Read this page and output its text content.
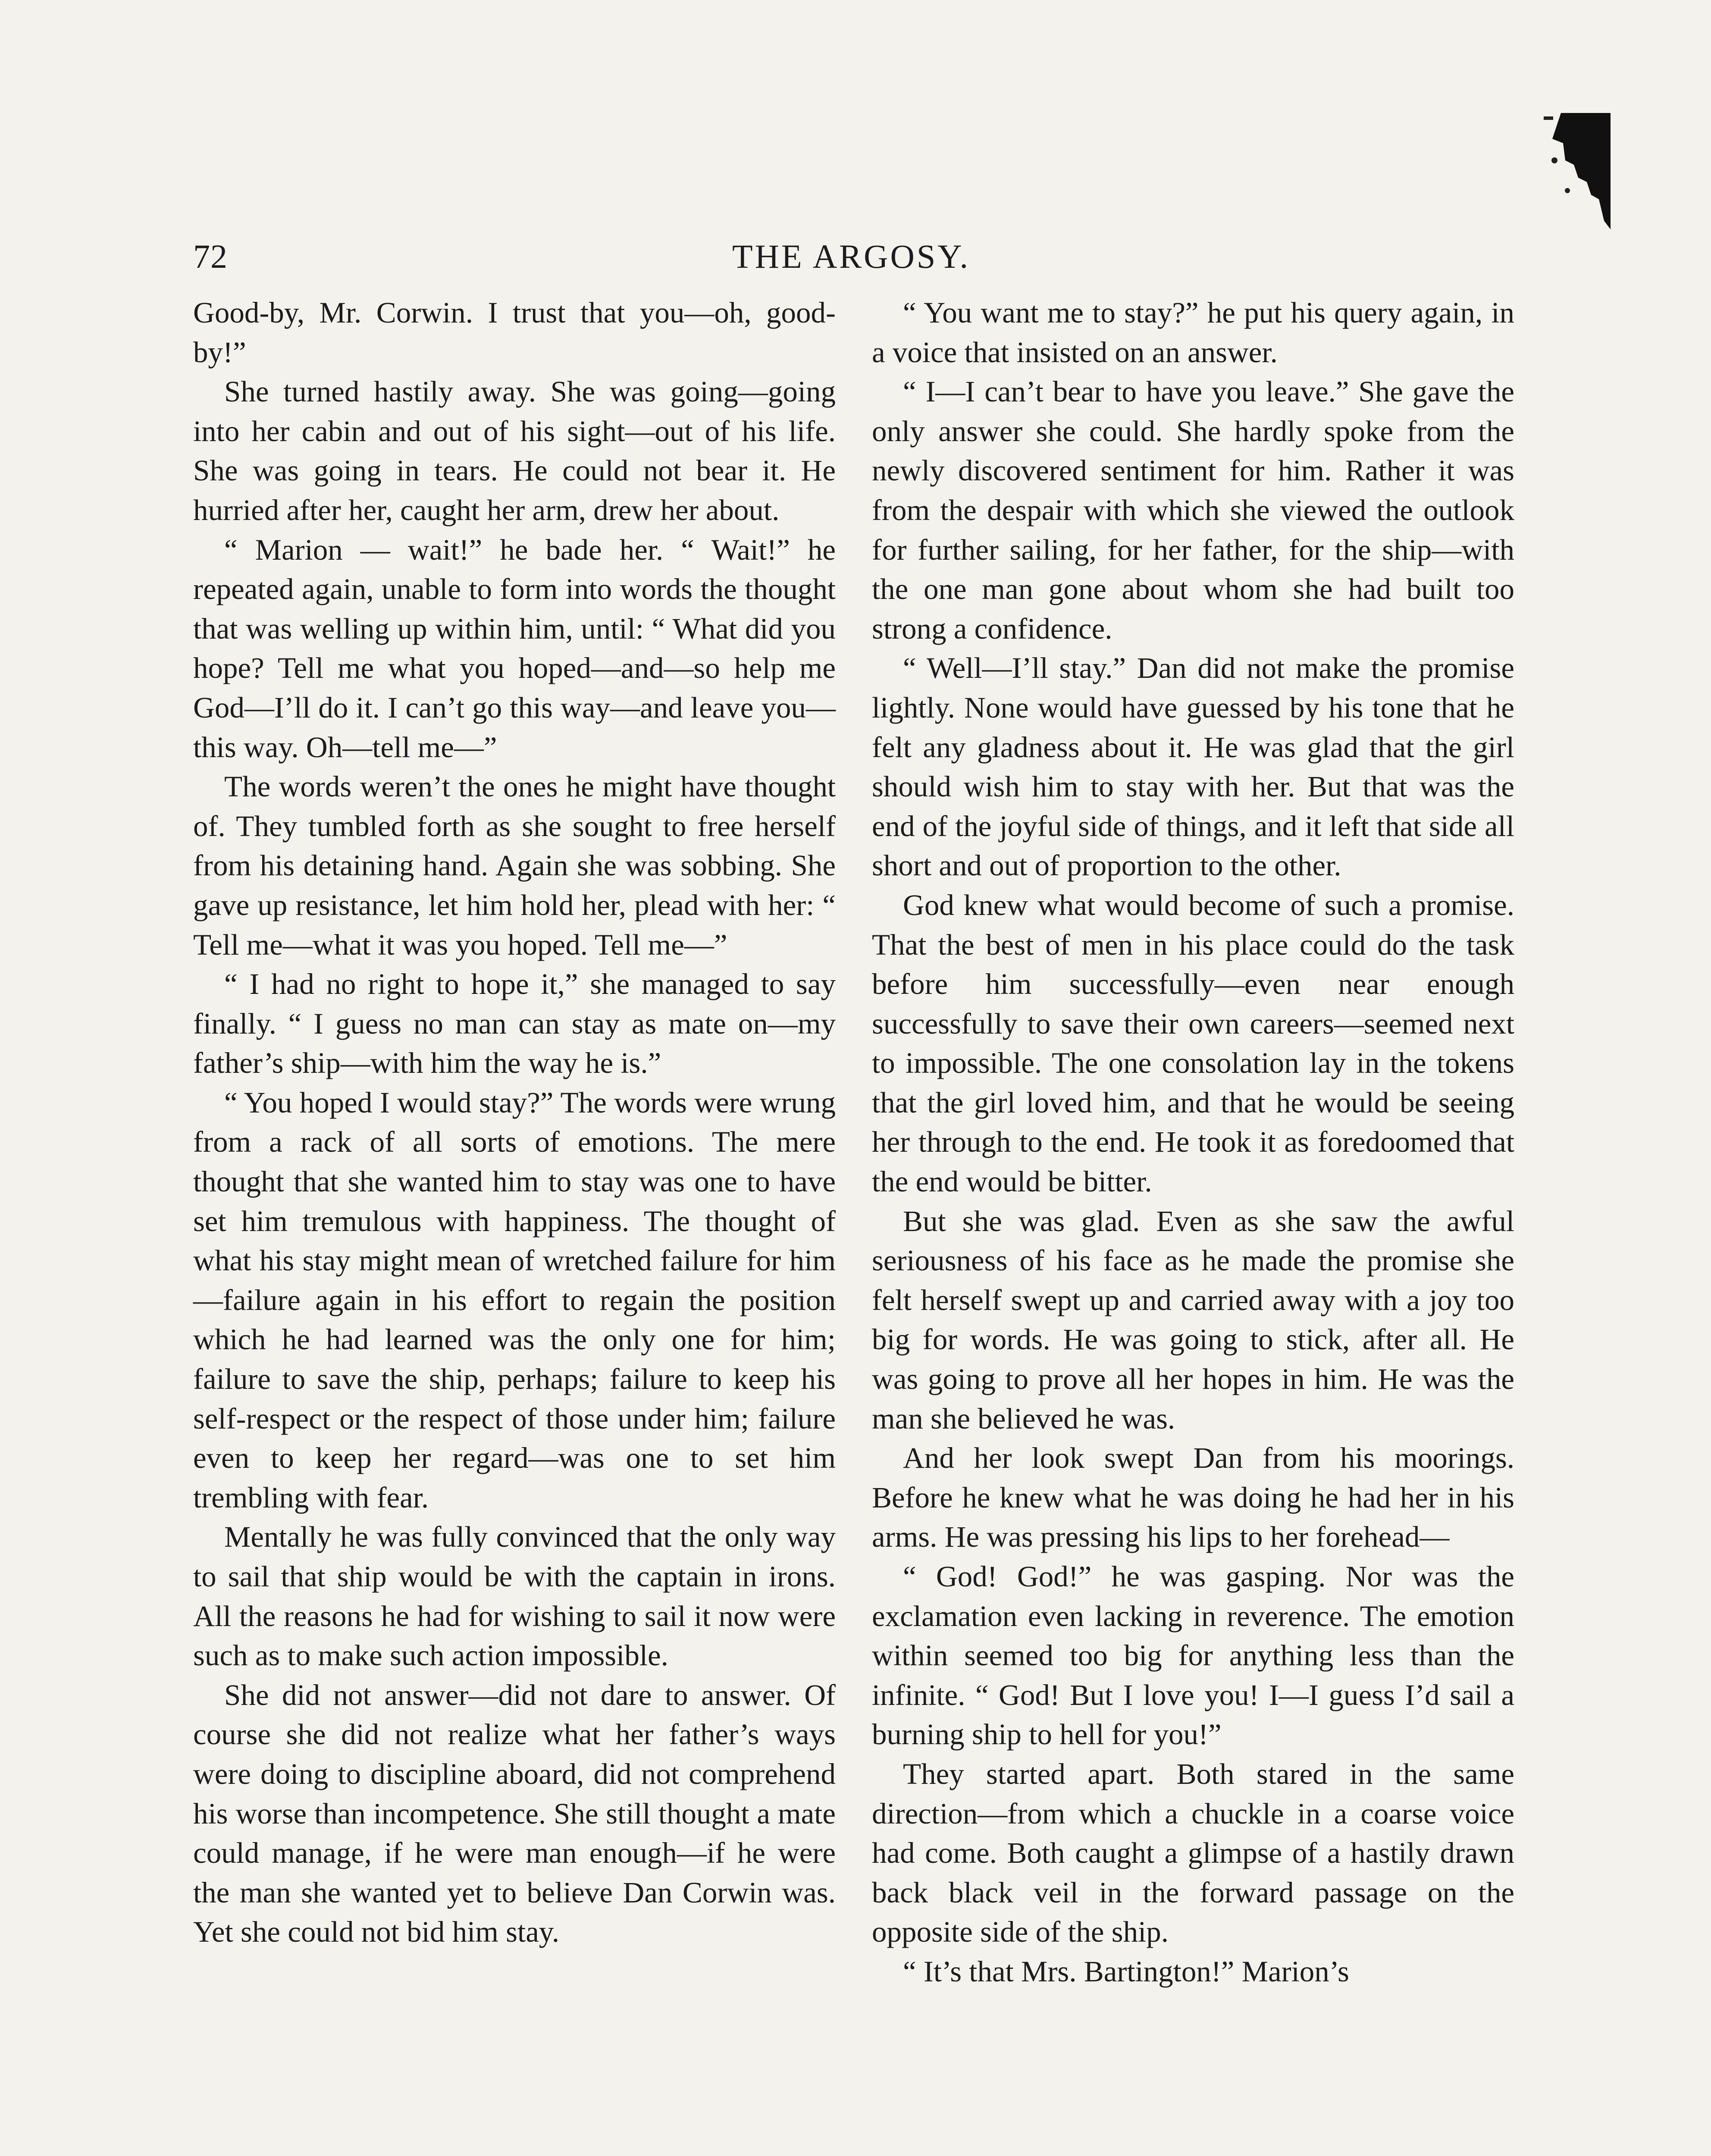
72	THE ARGOSY.

Good-by, Mr. Corwin. I trust that you—oh, good-by!”

She turned hastily away. She was going—going into her cabin and out of his sight—out of his life. She was going in tears. He could not bear it. He hurried after her, caught her arm, drew her about.

“ Marion — wait!” he bade her. “ Wait!” he repeated again, unable to form into words the thought that was welling up within him, until: “ What did you hope? Tell me what you hoped—and—so help me God—I’ll do it. I can’t go this way—and leave you—this way. Oh—tell me—”

The words weren’t the ones he might have thought of. They tumbled forth as she sought to free herself from his detaining hand. Again she was sobbing. She gave up resistance, let him hold her, plead with her: “ Tell me—what it was you hoped. Tell me—”

“ I had no right to hope it,” she managed to say finally. “ I guess no man can stay as mate on—my father’s ship—with him the way he is.”

“ You hoped I would stay?” The words were wrung from a rack of all sorts of emotions. The mere thought that she wanted him to stay was one to have set him tremulous with happiness. The thought of what his stay might mean of wretched failure for him—failure again in his effort to regain the position which he had learned was the only one for him; failure to save the ship, perhaps; failure to keep his self-respect or the respect of those under him; failure even to keep her regard—was one to set him trembling with fear.

Mentally he was fully convinced that the only way to sail that ship would be with the captain in irons. All the reasons he had for wishing to sail it now were such as to make such action impossible.

She did not answer—did not dare to answer. Of course she did not realize what her father’s ways were doing to discipline aboard, did not comprehend his worse than incompetence. She still thought a mate could manage, if he were man enough—if he were the man she wanted yet to believe Dan Corwin was. Yet she could not bid him stay.

“ You want me to stay?” he put his query again, in a voice that insisted on an answer.

“ I—I can’t bear to have you leave.” She gave the only answer she could. She hardly spoke from the newly discovered sentiment for him. Rather it was from the despair with which she viewed the outlook for further sailing, for her father, for the ship—with the one man gone about whom she had built too strong a confidence.

“ Well—I’ll stay.” Dan did not make the promise lightly. None would have guessed by his tone that he felt any gladness about it. He was glad that the girl should wish him to stay with her. But that was the end of the joyful side of things, and it left that side all short and out of proportion to the other.

God knew what would become of such a promise. That the best of men in his place could do the task before him successfully—even near enough successfully to save their own careers—seemed next to impossible. The one consolation lay in the tokens that the girl loved him, and that he would be seeing her through to the end. He took it as foredoomed that the end would be bitter.

But she was glad. Even as she saw the awful seriousness of his face as he made the promise she felt herself swept up and carried away with a joy too big for words. He was going to stick, after all. He was going to prove all her hopes in him. He was the man she believed he was.

And her look swept Dan from his moorings. Before he knew what he was doing he had her in his arms. He was pressing his lips to her forehead—

“ God! God!” he was gasping. Nor was the exclamation even lacking in reverence. The emotion within seemed too big for anything less than the infinite. “ God! But I love you! I—I guess I’d sail a burning ship to hell for you!”

They started apart. Both stared in the same direction—from which a chuckle in a coarse voice had come. Both caught a glimpse of a hastily drawn back black veil in the forward passage on the opposite side of the ship.

“ It’s that Mrs. Bartington!” Marion’s
